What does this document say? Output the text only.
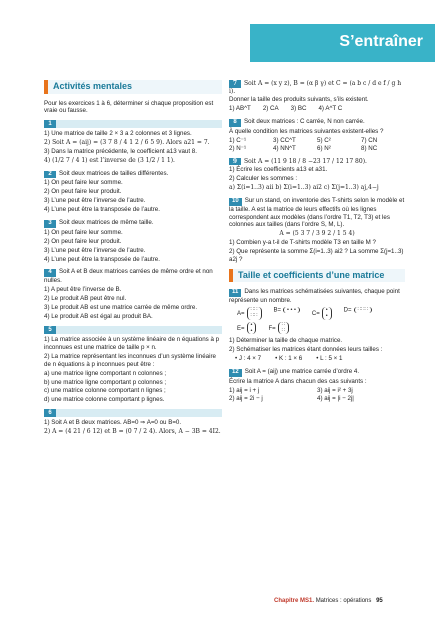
S’entraîner
Activités mentales

Pour les exercices 1 à 6, déterminer si chaque proposition est vraie ou fausse.

1

1) Une matrice de taille 2 × 3 a 2 colonnes et 3 lignes.

2) Soit A = (aij) = (3 7 8 / 4 1 2 / 6 5 9). Alors a21 = 7.

3) Dans la matrice précédente, le coefficient a13 vaut 8.

4) (1/2 7 / 4 1) est l’inverse de (3 1/2 / 1 1).

2 Soit deux matrices de tailles différentes.

1) On peut faire leur somme.

2) On peut faire leur produit.

3) L’une peut être l’inverse de l’autre.

4) L’une peut être la transposée de l’autre.

3 Soit deux matrices de même taille.

1) On peut faire leur somme.

2) On peut faire leur produit.

3) L’une peut être l’inverse de l’autre.

4) L’une peut être la transposée de l’autre.

4 Soit A et B deux matrices carrées de même ordre et non nulles.

1) A peut être l’inverse de B.

2) Le produit AB peut être nul.

3) Le produit AB est une matrice carrée de même ordre.

4) Le produit AB est égal au produit BA.

5

1) La matrice associée à un système linéaire de n équations à p inconnues est une matrice de taille p × n.

2) La matrice représentant les inconnues d’un système linéaire de n équations à p inconnues peut être :

a) une matrice ligne comportant n colonnes ;

b) une matrice ligne comportant p colonnes ;

c) une matrice colonne comportant n lignes ;

d) une matrice colonne comportant p lignes.

6

1) Soit A et B deux matrices. AB=0 ⇒ A=0 ou B=0.

2) A = (4 21 / 6 12) et B = (0 7 / 2 4). Alors, A − 3B = 4I2.

7 Soit A = (x y z), B = (α β γ) et C = (a b c / d e f / g h i).

Donner la taille des produits suivants, s’ils existent.

1) AB^T 2) CA 3) BC 4) A^T C

8 Soit deux matrices : C carrée, N non carrée.

À quelle condition les matrices suivantes existent-elles ?

1) C⁻¹	3) CC^T	5) C²	7) CN
2) N⁻¹	4) NN^T	6) N²	8) NC

9 Soit A = (11 9 18 / 8 −23 17 / 12 17 80).

1) Écrire les coefficients a13 et a31.

2) Calculer les sommes :

a) Σ(i=1..3) aii b) Σ(i=1..3) ai2 c) Σ(j=1..3) aj,4−j

10 Sur un stand, on inventorie des T-shirts selon le modèle et la taille. A est la matrice de leurs effectifs où les lignes correspondent aux modèles (dans l’ordre T1, T2, T3) et les colonnes aux tailles (dans l’ordre S, M, L).

A = (5 3 7 / 3 9 2 / 1 5 4)

1) Combien y-a t-il de T-shirts modèle T3 en taille M ?

2) Que représente la somme Σ(i=1..3) ai2 ? La somme Σ(j=1..3) a2j ?

Taille et coefficients d’une matrice

11 Dans les matrices schématisées suivantes, chaque point représente un nombre.

A=∷∷
∷∷
B= • • •
C=•
•
D= ∷∷∷
E=•
•	F=∷
∷

1) Déterminer la taille de chaque matrice.

2) Schématiser les matrices étant données leurs tailles :

• J : 4 × 7 • K : 1 × 6 • L : 5 × 1

12 Soit A = (aij) une matrice carrée d’ordre 4.

Écrire la matrice A dans chacun des cas suivants :

1) aij = i + j	3) aij = i² + 3j
2) aij = 2i − j	4) aij = |i − 2j|

Chapitre MS1. Matrices : opérations 95
